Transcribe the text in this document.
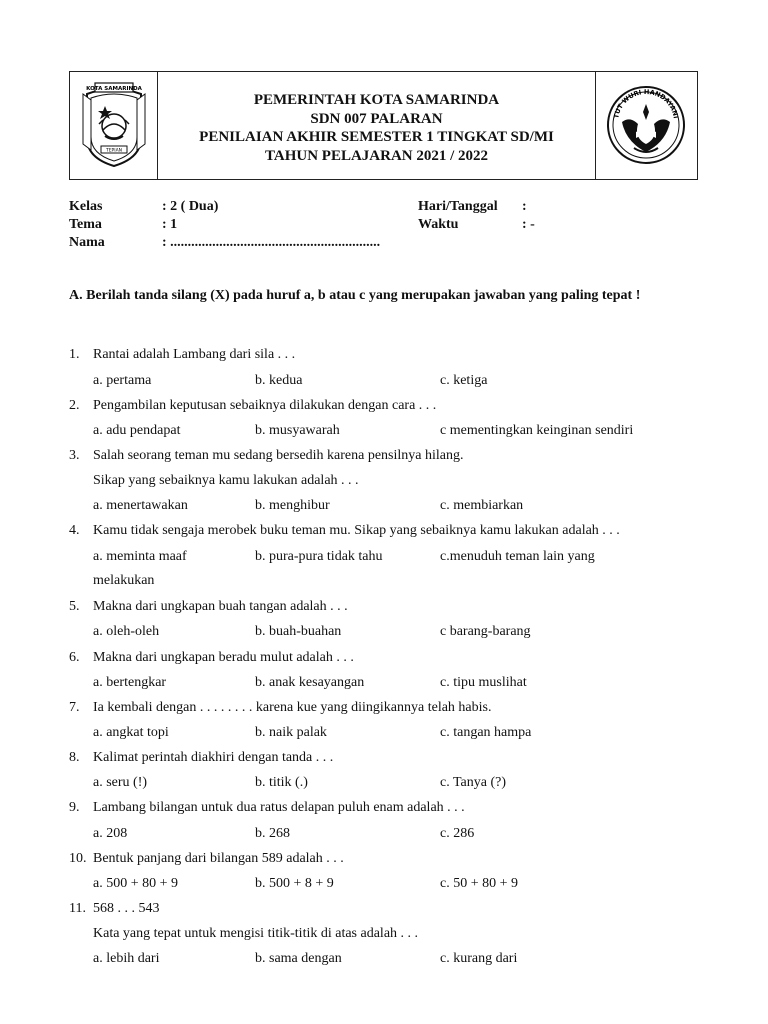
KOTA SAMARINDA
TEPIAN
PEMERINTAH KOTA SAMARINDA
SDN 007 PALARAN
PENILAIAN AKHIR SEMESTER 1 TINGKAT SD/MI
TAHUN PELAJARAN 2021 / 2022
TUT WURI HANDAYANI
Kelas	: 2 ( Dua)
Tema	: 1
Nama	: ............................................................
Hari/Tanggal :
Waktu	: -
A. Berilah tanda silang (X) pada huruf a, b atau c yang merupakan jawaban yang paling tepat !
1. Rantai adalah Lambang dari sila . . .
a. pertama	b. kedua	c. ketiga
2. Pengambilan keputusan sebaiknya dilakukan dengan cara . . .
a. adu pendapat	b. musyawarah	c mementingkan keinginan sendiri
3. Salah seorang teman mu sedang bersedih karena pensilnya hilang.
Sikap yang sebaiknya kamu lakukan adalah . . .
a. menertawakan	b. menghibur	c. membiarkan
4. Kamu tidak sengaja merobek buku teman mu. Sikap yang sebaiknya kamu lakukan adalah . . .
a. meminta maaf	b. pura-pura tidak tahu	c.menuduh teman lain yang
melakukan
5. Makna dari ungkapan buah tangan adalah . . .
a. oleh-oleh	b. buah-buahan	c barang-barang
6. Makna dari ungkapan beradu mulut adalah . . .
a. bertengkar	b. anak kesayangan	c. tipu muslihat
7. Ia kembali dengan . . . . . . . . karena kue yang diingikannya telah habis.
a. angkat topi	b. naik palak	c. tangan hampa
8. Kalimat perintah diakhiri dengan tanda . . .
a. seru (!)	b. titik (.)	c. Tanya (?)
9. Lambang bilangan untuk dua ratus delapan puluh enam adalah . . .
a. 208	b. 268	c. 286
10. Bentuk panjang dari bilangan 589 adalah . . .
a. 500 + 80 + 9	b. 500 + 8 + 9	c. 50 + 80 + 9
11. 568 . . . 543
Kata yang tepat untuk mengisi titik-titik di atas adalah . . .
a. lebih dari	b. sama dengan	c. kurang dari
